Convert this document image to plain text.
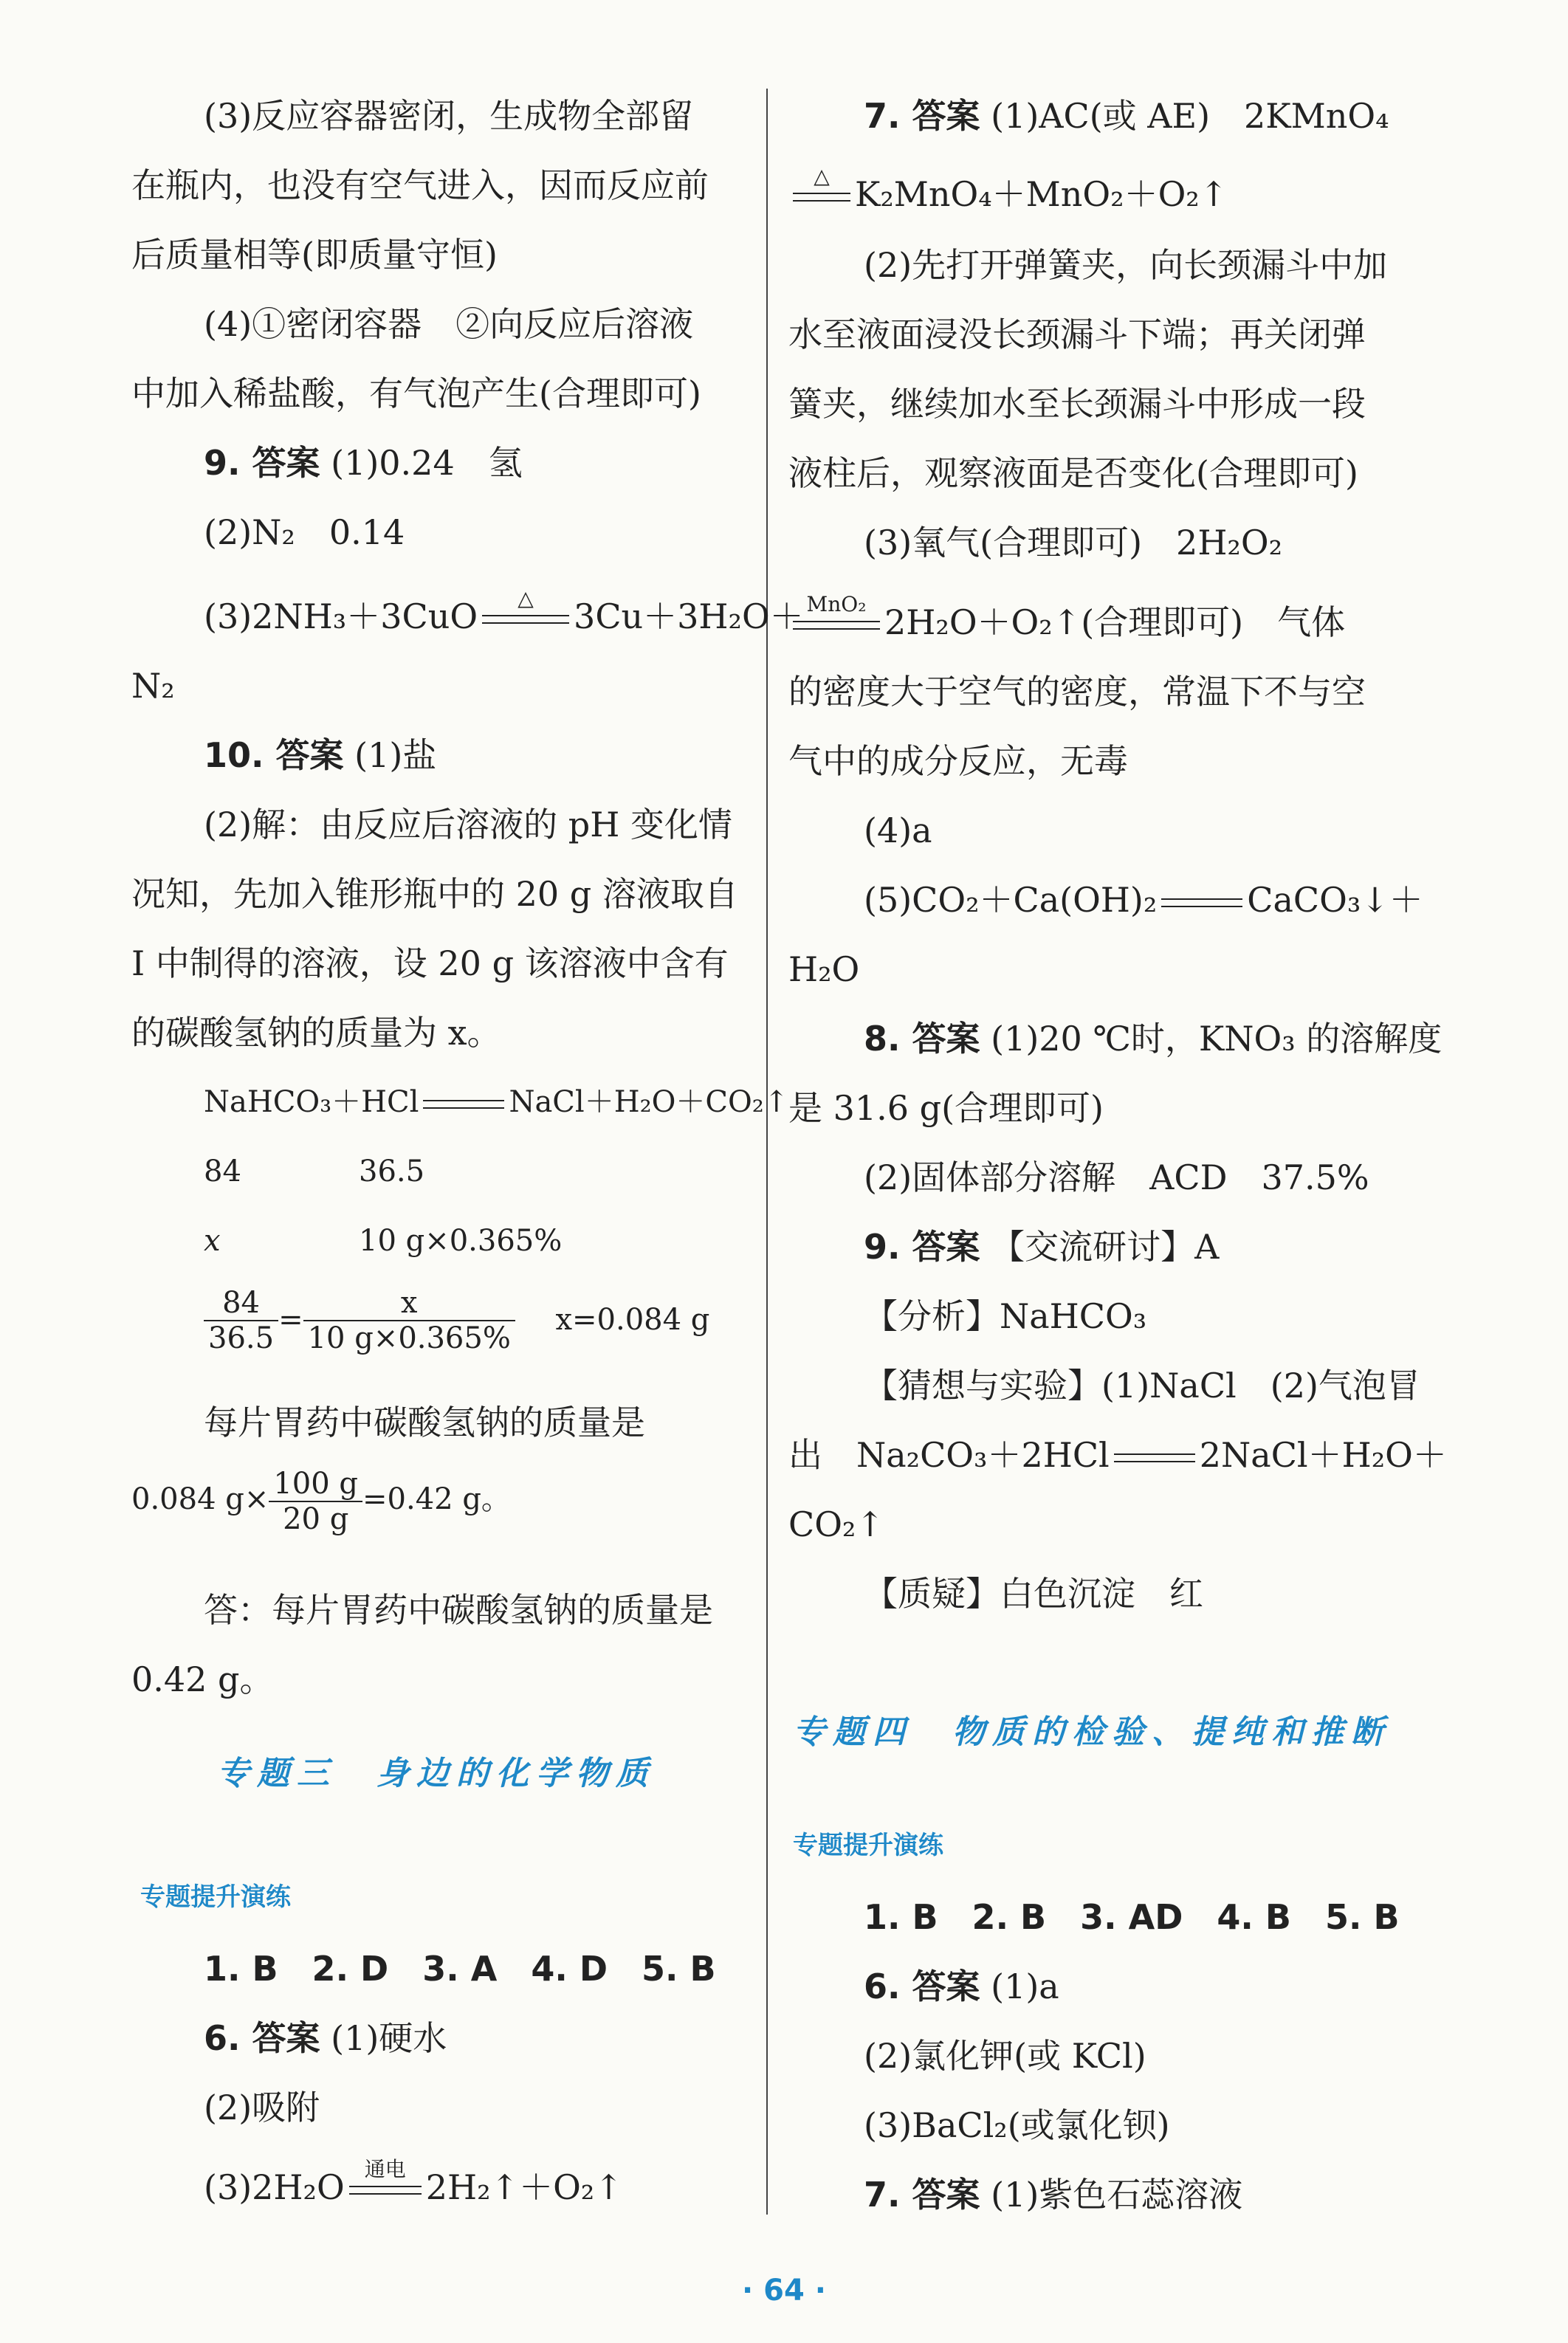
(3)反应容器密闭，生成物全部留
在瓶内，也没有空气进入，因而反应前
后质量相等(即质量守恒)
(4)①密闭容器　②向反应后溶液
中加入稀盐酸，有气泡产生(合理即可)
9. 答案 (1)0.24　氢
(2)N₂　0.14
(3)2NH₃＋3CuO	△	3Cu＋3H₂O＋
N₂
10. 答案 (1)盐
(2)解：由反应后溶液的 pH 变化情
况知，先加入锥形瓶中的 20 g 溶液取自
Ⅰ 中制得的溶液，设 20 g 该溶液中含有
的碳酸氢钠的质量为 x。
NaHCO₃＋HCl	NaCl＋H₂O＋CO₂↑
84	36.5
x	10 g×0.365%
$\frac{84}{36.5} = \frac{x}{10 g\times 0.365\%} x=0.084$ g
每片胃药中碳酸氢钠的质量是
0.084 $g\times \frac{100 g}{20 g} =0.42$ g。
答：每片胃药中碳酸氢钠的质量是
0.42 g。
专题三　身边的化学物质
专题提升演练
1. B　2. D　3. A　4. D　5. B
6. 答案 (1)硬水
(2)吸附
(3)2H₂O 通电 2H₂↑＋O₂↑
7. 答案 (1)AC(或 AE)　2KMnO₄
△ K₂MnO₄＋MnO₂＋O₂↑
(2)先打开弹簧夹，向长颈漏斗中加
水至液面浸没长颈漏斗下端；再关闭弹
簧夹，继续加水至长颈漏斗中形成一段
液柱后，观察液面是否变化(合理即可)
(3)氧气(合理即可)　2H₂O₂
MnO₂ 2H₂O＋O₂↑(合理即可)　气体
的密度大于空气的密度，常温下不与空
气中的成分反应，无毒
(4)a
(5)CO₂＋Ca(OH)₂	CaCO₃↓＋
H₂O
8. 答案 (1)20 ℃时，KNO₃ 的溶解度
是 31.6 g(合理即可)
(2)固体部分溶解　ACD　37.5%
9. 答案 【交流研讨】A
【分析】NaHCO₃
【猜想与实验】(1)NaCl　(2)气泡冒
出　Na₂CO₃＋2HCl	2NaCl＋H₂O＋
CO₂↑
【质疑】白色沉淀　红
专题四　物质的检验、提纯和推断
专题提升演练
1. B　2. B　3. AD　4. B　5. B
6. 答案 (1)a
(2)氯化钾(或 KCl)
(3)BaCl₂(或氯化钡)
7. 答案 (1)紫色石蕊溶液
· 64 ·
